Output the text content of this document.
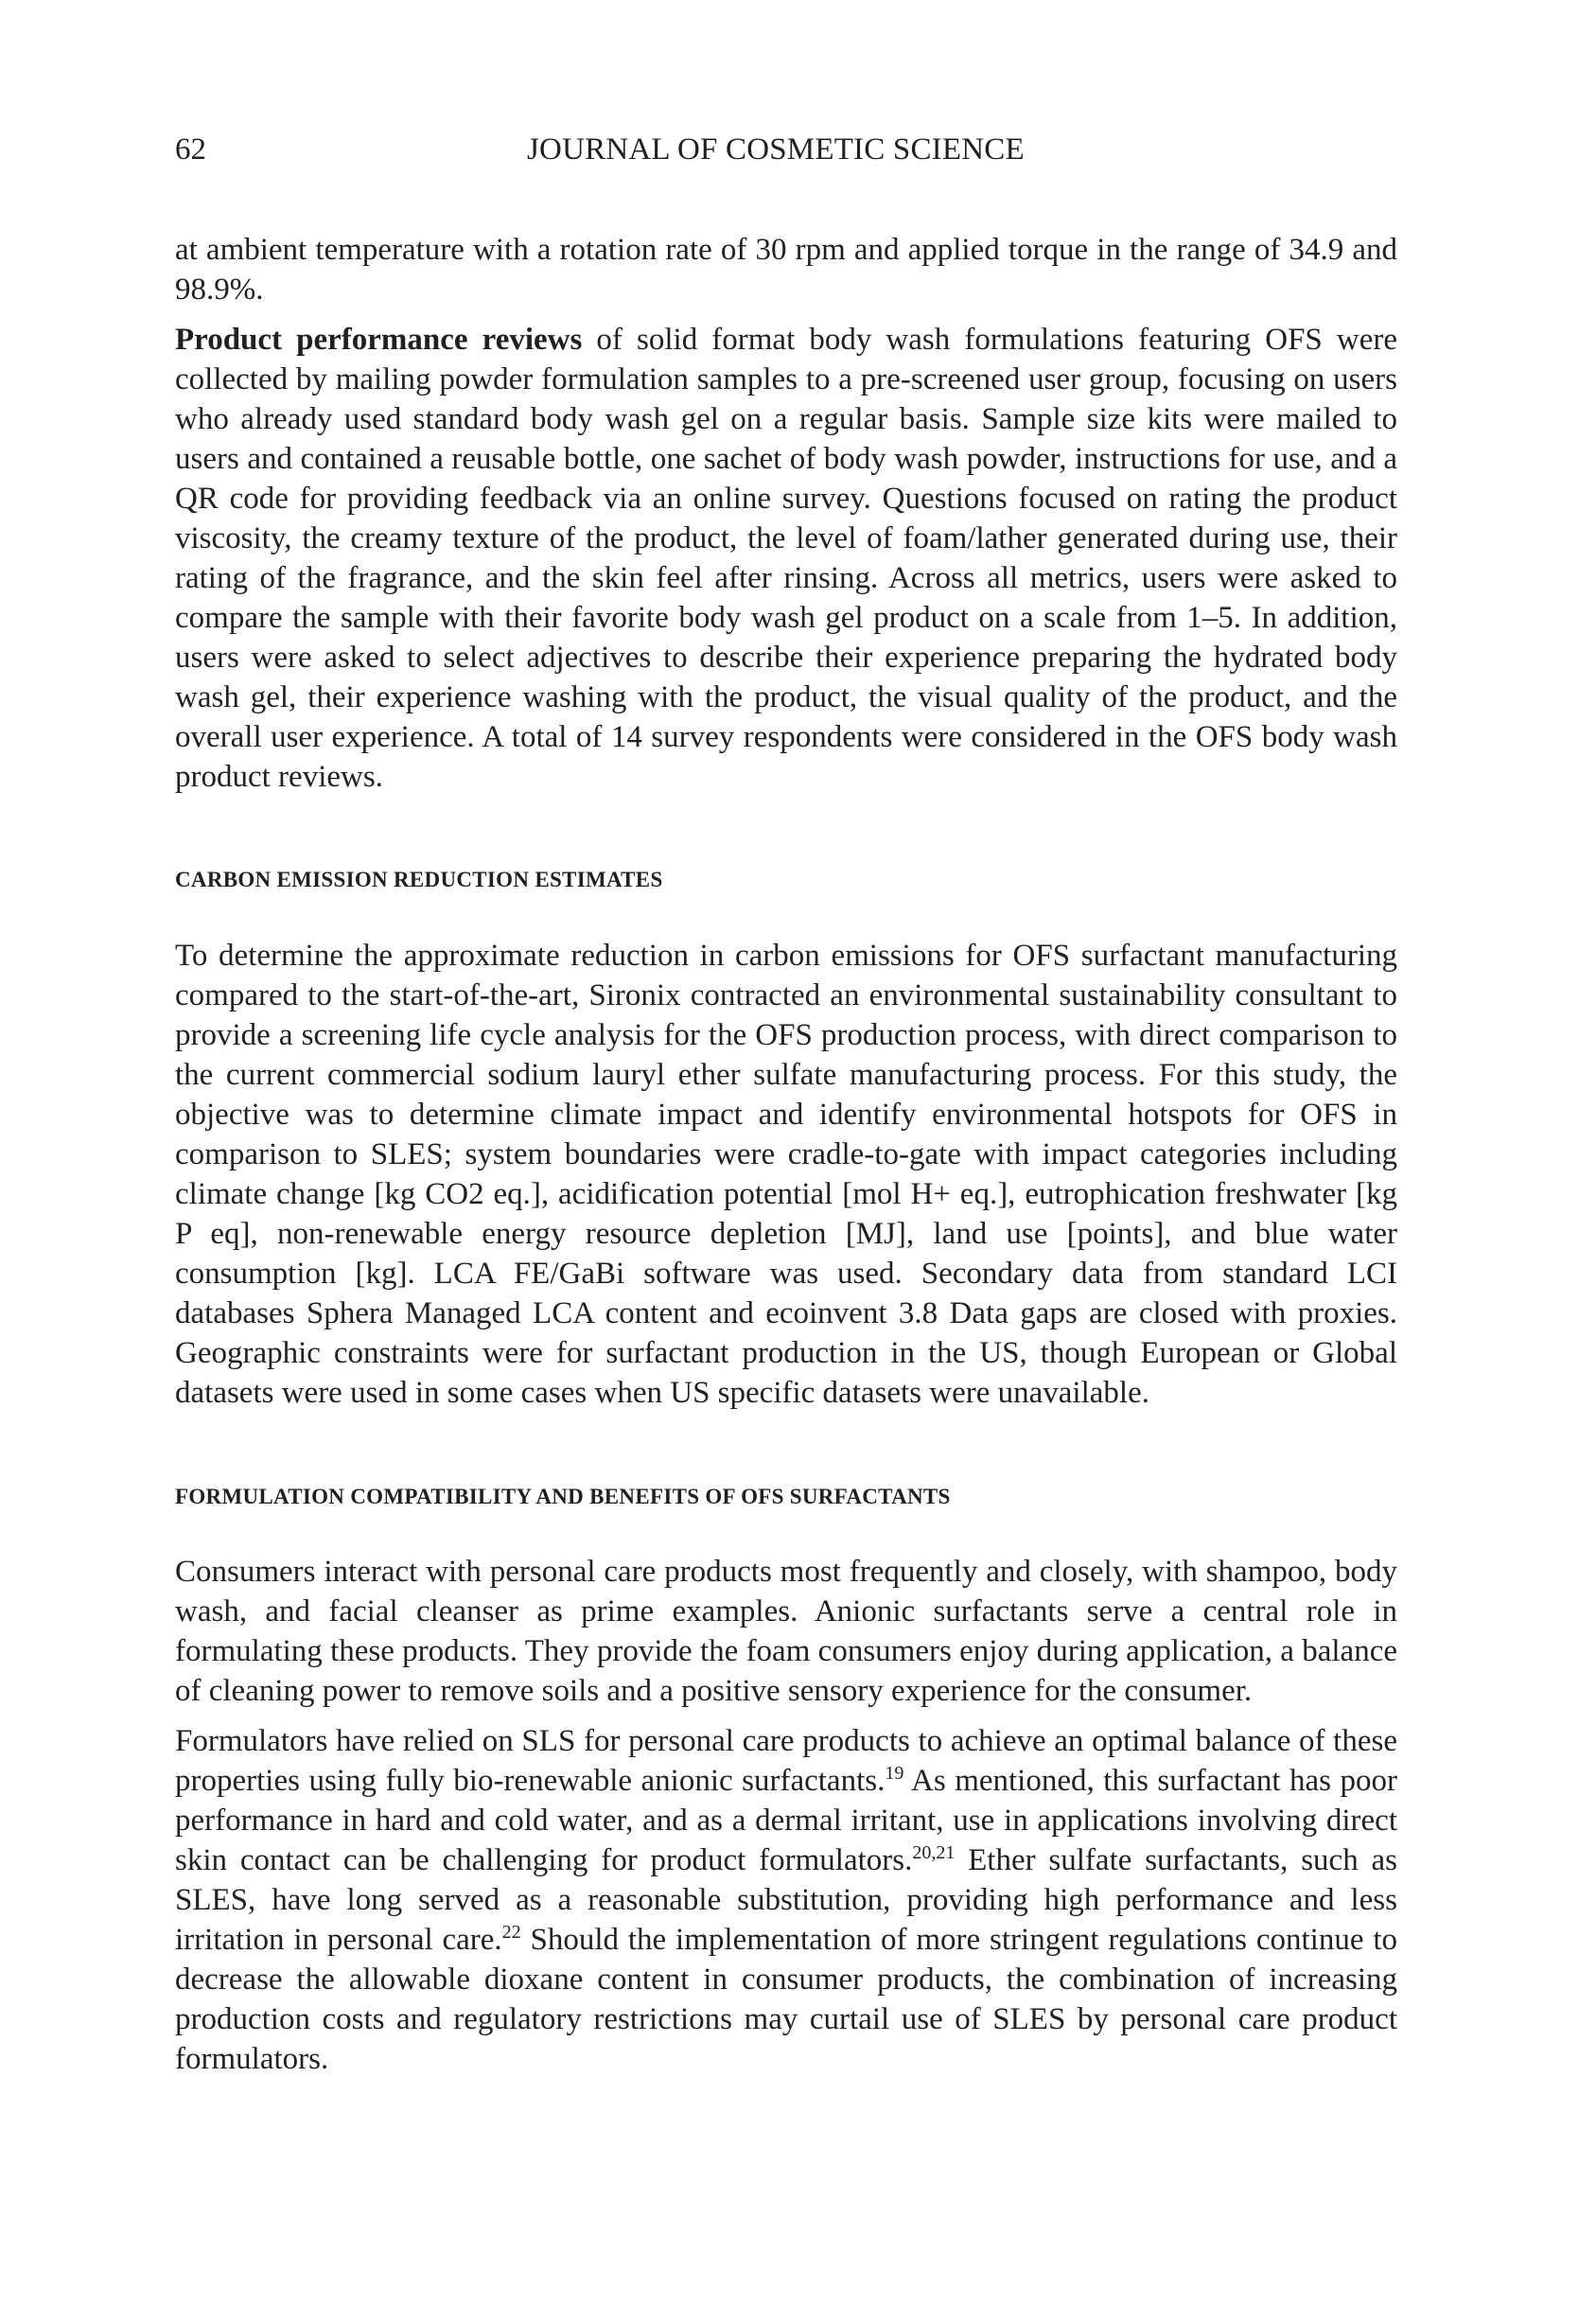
62	JOURNAL OF COSMETIC SCIENCE

at ambient temperature with a rotation rate of 30 rpm and applied torque in the range of 34.9 and 98.9%.

Product performance reviews of solid format body wash formulations featuring OFS were collected by mailing powder formulation samples to a pre-screened user group, focusing on users who already used standard body wash gel on a regular basis. Sample size kits were mailed to users and contained a reusable bottle, one sachet of body wash powder, instructions for use, and a QR code for providing feedback via an online survey. Questions focused on rating the product viscosity, the creamy texture of the product, the level of foam/lather generated during use, their rating of the fragrance, and the skin feel after rinsing. Across all metrics, users were asked to compare the sample with their favorite body wash gel product on a scale from 1–5. In addition, users were asked to select adjectives to describe their experience preparing the hydrated body wash gel, their experience washing with the product, the visual quality of the product, and the overall user experience. A total of 14 survey respondents were considered in the OFS body wash product reviews.

CARBON EMISSION REDUCTION ESTIMATES

To determine the approximate reduction in carbon emissions for OFS surfactant manufacturing compared to the start-of-the-art, Sironix contracted an environmental sustainability consultant to provide a screening life cycle analysis for the OFS production process, with direct comparison to the current commercial sodium lauryl ether sulfate manufacturing process. For this study, the objective was to determine climate impact and identify environmental hotspots for OFS in comparison to SLES; system boundaries were cradle-to-gate with impact categories including climate change [kg CO2 eq.], acidification potential [mol H+ eq.], eutrophication freshwater [kg P eq], non-renewable energy resource depletion [MJ], land use [points], and blue water consumption [kg]. LCA FE/GaBi software was used. Secondary data from standard LCI databases Sphera Managed LCA content and ecoinvent 3.8 Data gaps are closed with proxies. Geographic constraints were for surfactant production in the US, though European or Global datasets were used in some cases when US specific datasets were unavailable.

FORMULATION COMPATIBILITY AND BENEFITS OF OFS SURFACTANTS

Consumers interact with personal care products most frequently and closely, with shampoo, body wash, and facial cleanser as prime examples. Anionic surfactants serve a central role in formulating these products. They provide the foam consumers enjoy during application, a balance of cleaning power to remove soils and a positive sensory experience for the consumer.

Formulators have relied on SLS for personal care products to achieve an optimal balance of these properties using fully bio-renewable anionic surfactants.$^{19}$ As mentioned, this surfactant has poor performance in hard and cold water, and as a dermal irritant, use in applications involving direct skin contact can be challenging for product formulators.$^{20,21}$ Ether sulfate surfactants, such as SLES, have long served as a reasonable substitution, providing high performance and less irritation in personal care.$^{22}$ Should the implementation of more stringent regulations continue to decrease the allowable dioxane content in consumer products, the combination of increasing production costs and regulatory restrictions may curtail use of SLES by personal care product formulators.
